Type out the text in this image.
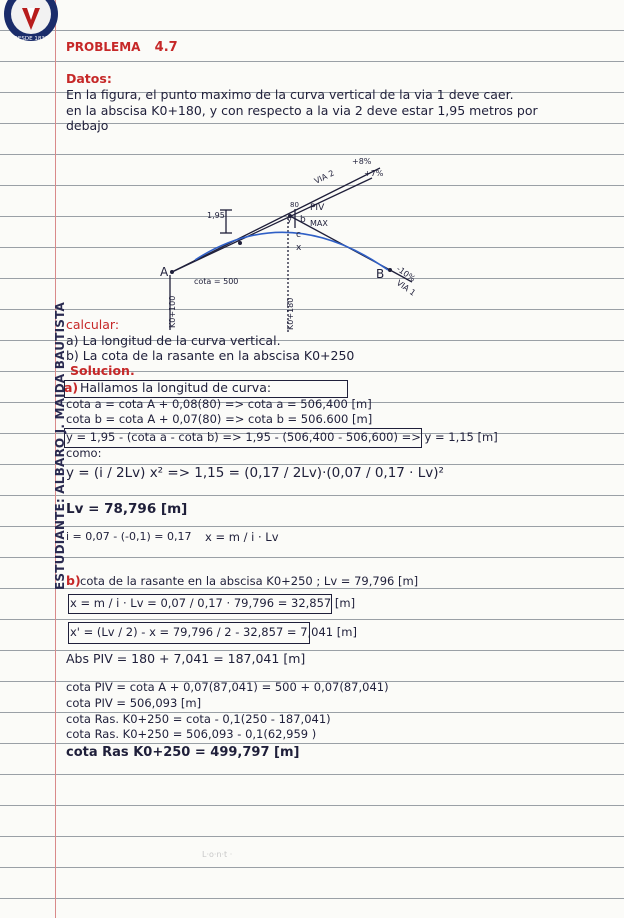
DESDE 1832
PROBLEMA 4.7
Datos:
En la figura, el punto maximo de la curva vertical de la via 1 deve caer.
en la abscisa K0+180, y con respecto a la via 2 deve estar 1,95 metros por
debajo
A	B
cota = 500
PIV
MAX
b
y
c
x
80
1,95
+8%
+7%
VIA 2
-10%
VIA 1
K0+100	K0+180
calcular:
a) La longitud de la curva vertical.
b) La cota de la rasante en la abscisa K0+250
Solucion.
a) Hallamos la longitud de curva:
cota a = cota A + 0,08(80) => cota a = 506,400 [m]
cota b = cota A + 0,07(80) => cota b = 506.600 [m]
y = 1,95 - (cota a - cota b) => 1,95 - (506,400 - 506,600) => y = 1,15 [m]
como:
y = (i / 2Lv) x² => 1,15 = (0,17 / 2Lv)·(0,07 / 0,17 · Lv)²
Lv = 78,796 [m]
i = 0,07 - (-0,1) = 0,17 x = m / i · Lv
b) cota de la rasante en la abscisa K0+250 ; Lv = 79,796 [m]
x = m / i · Lv = 0,07 / 0,17 · 79,796 = 32,857 [m]
x' = (Lv / 2) - x = 79,796 / 2 - 32,857 = 7,041 [m]
Abs PIV = 180 + 7,041 = 187,041 [m]
cota PIV = cota A + 0,07(87,041) = 500 + 0,07(87,041)
cota PIV = 506,093 [m]
cota Ras. K0+250 = cota - 0,1(250 - 187,041)
cota Ras. K0+250 = 506,093 - 0,1(62,959 )
cota Ras K0+250 = 499,797 [m]
ESTUDIANTE: ALBARO J. MAIDA BAUTISTA
L·o·n·t ·
